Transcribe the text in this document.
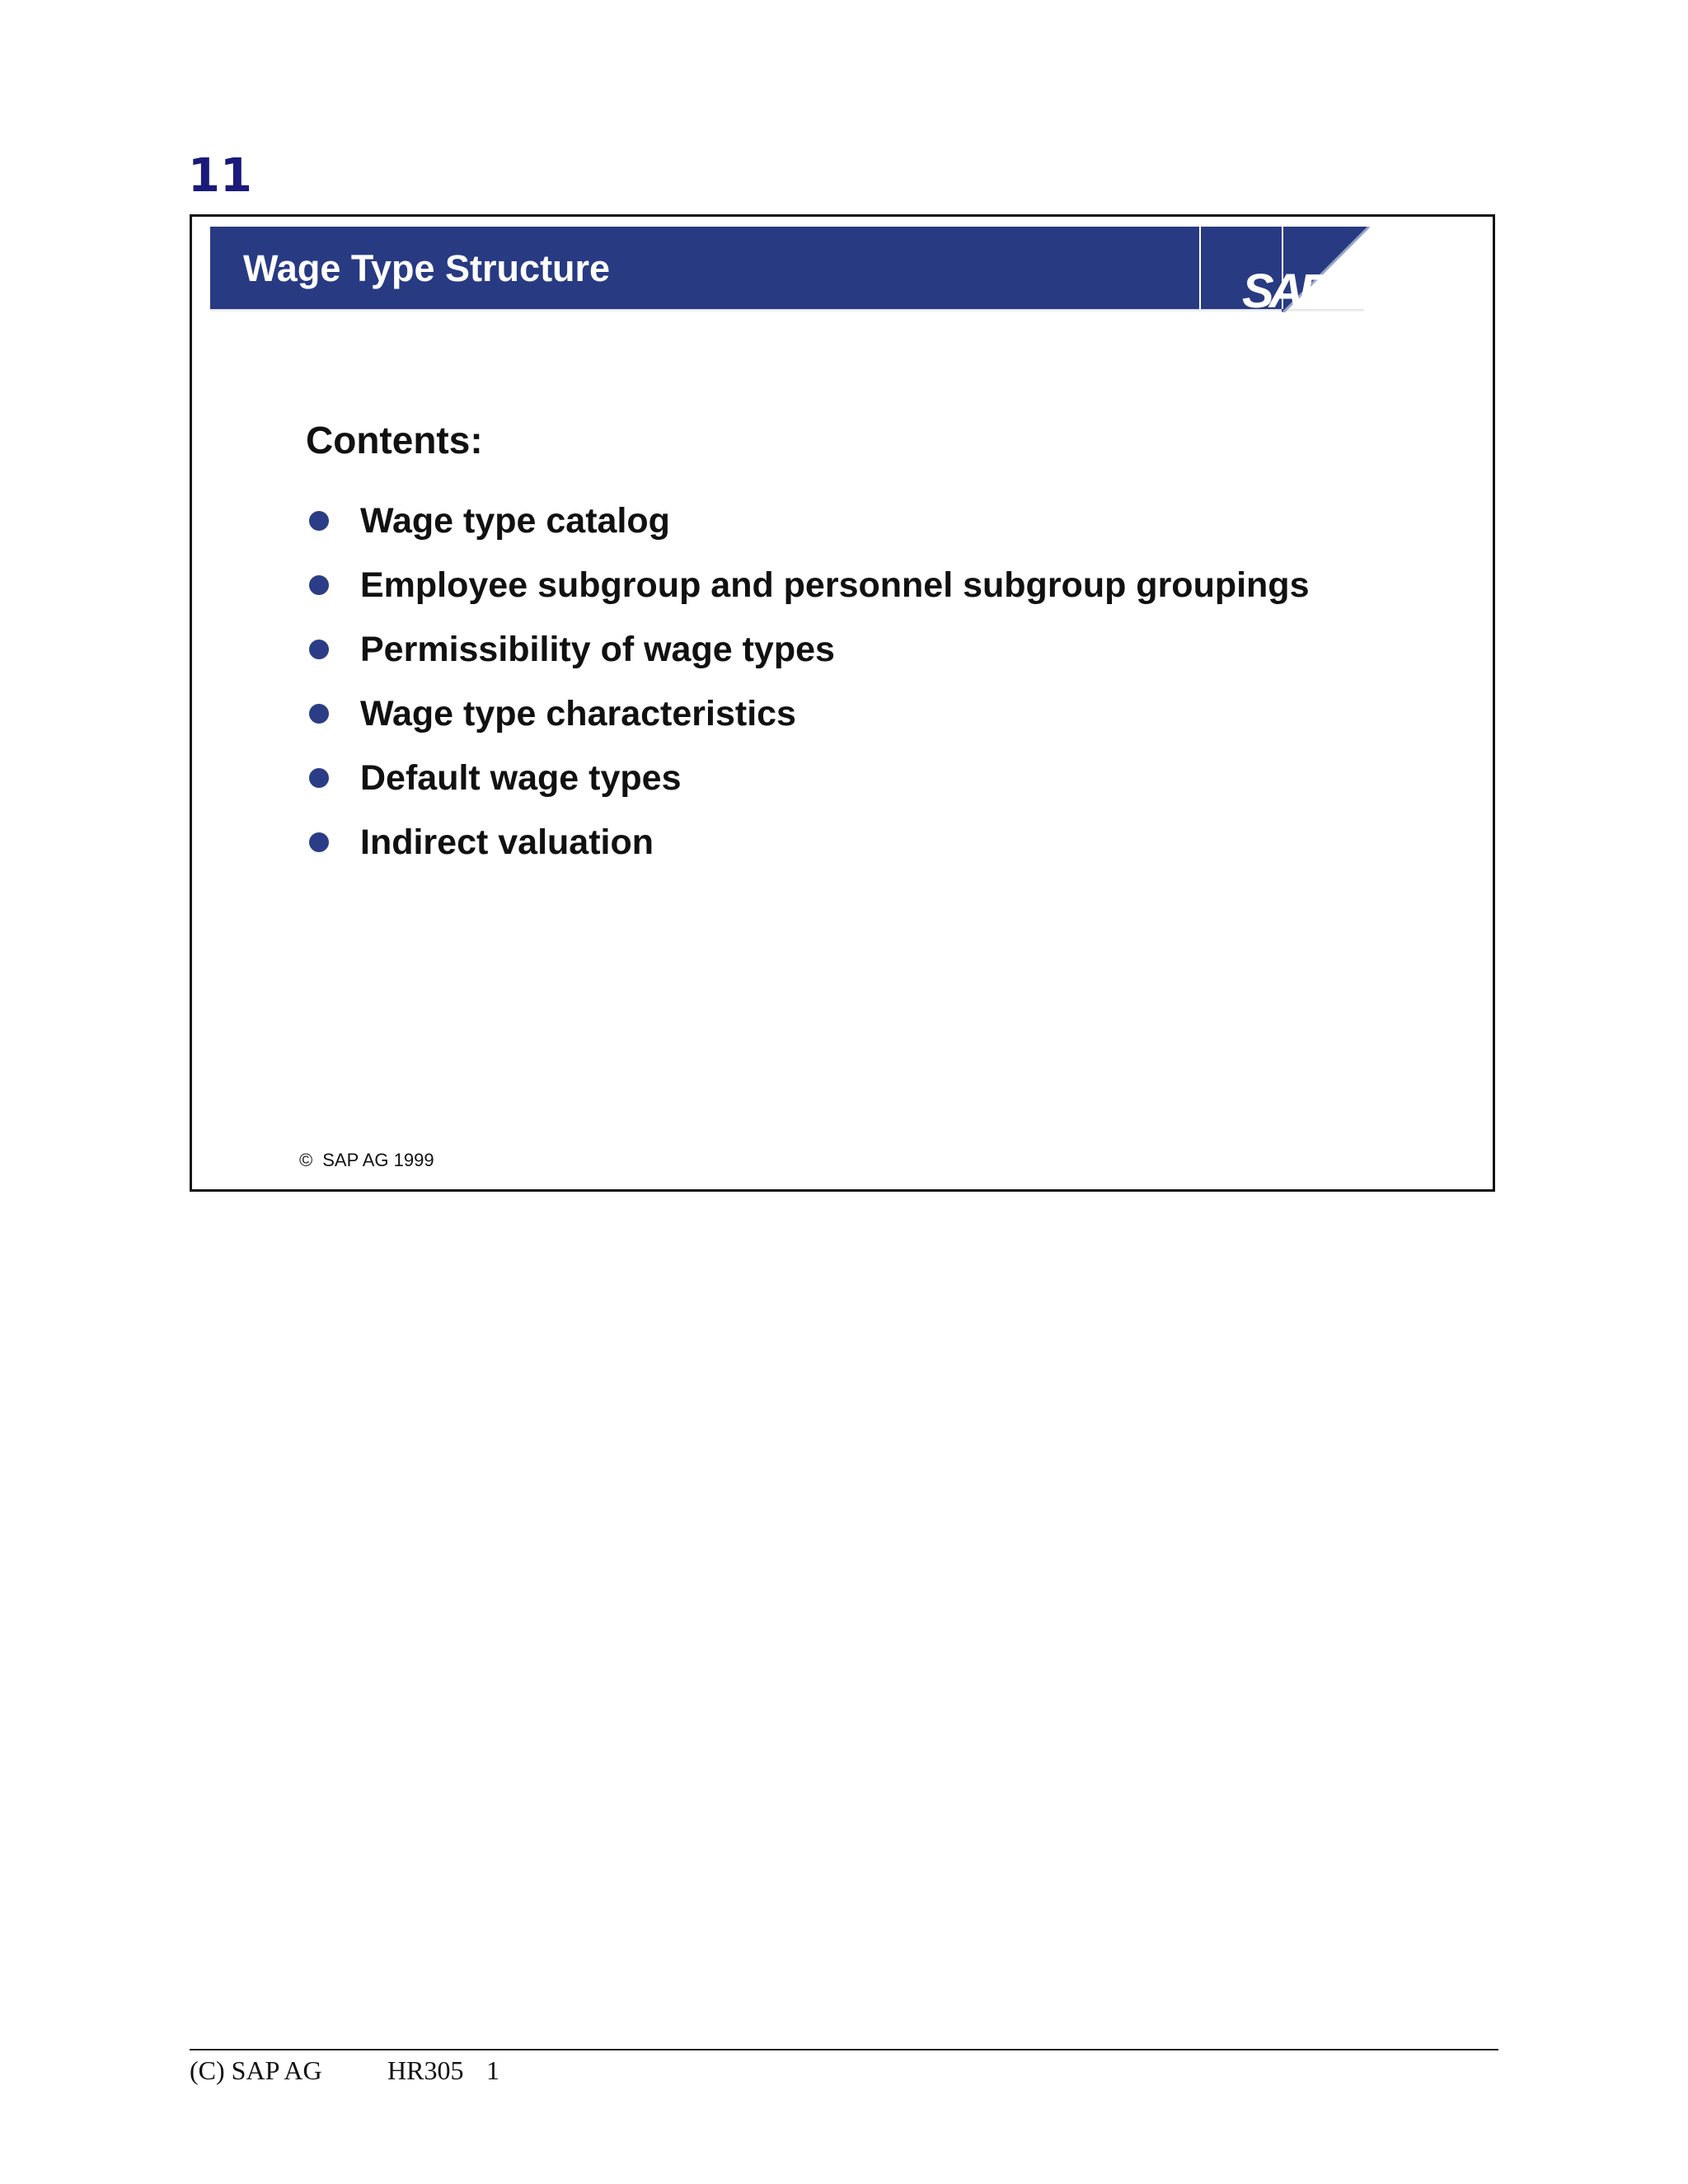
11
Wage Type Structure	SAP
Contents:
Wage type catalog
Employee subgroup and personnel subgroup groupings
Permissibility of wage types
Wage type characteristics
Default wage types
Indirect valuation
© SAP AG 1999
(C) SAP AG HR305 1
